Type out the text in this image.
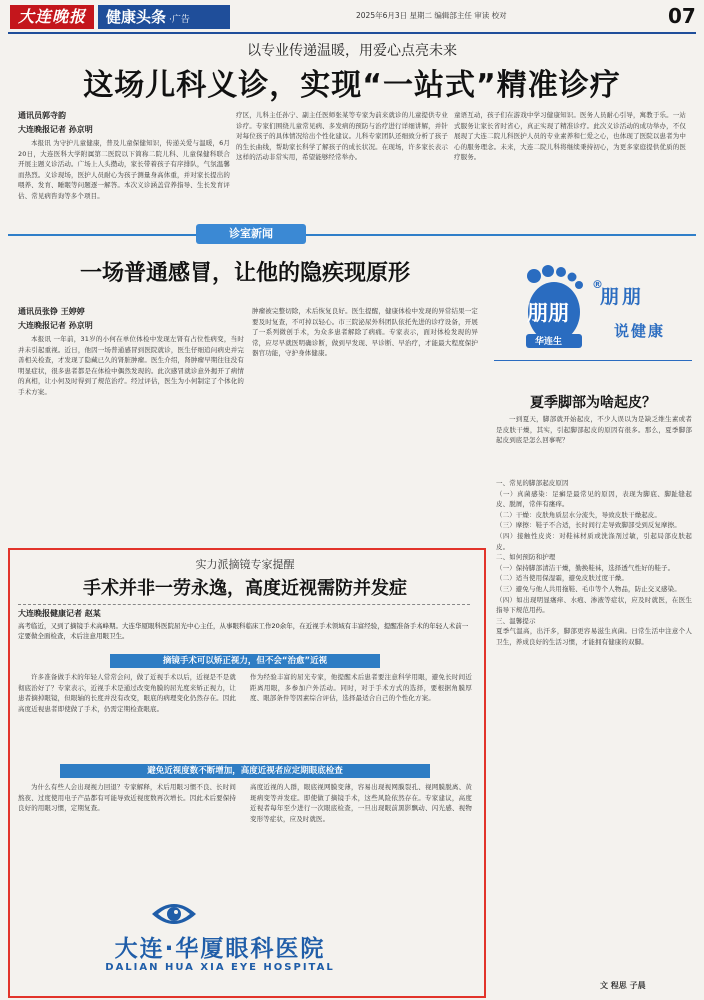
大连晚报	健康头条 ·广告	2025年6月3日 星期二 编辑部主任 审读 校对	07
以专业传递温暖，用爱心点亮未来
这场儿科义诊，实现“一站式”精准诊疗
通讯员郭寺韵
大连晚报记者 孙京明
本报讯 为守护儿童健康，普及儿童保健知识，传递关爱与温暖，6月20日，大连医科大学附属第二医院以下简称二院儿科、儿童保健科联合开展主题义诊活动。广场上人头攒动，家长带着孩子有序排队，气氛温馨而热烈。义诊现场，医护人员耐心为孩子测量身高体重，并对家长提出的喂养、发育、睡眠等问题逐一解答。本次义诊涵盖营养指导、生长发育评估、常见病咨询等多个项目。
疗区，儿科主任孙宁、副主任医师张某等专家为前来就诊的儿童提供专业诊疗。专家们围绕儿童常见病、多发病的预防与治疗进行详细讲解，并针对每位孩子的具体情况给出个性化建议。儿科专家团队还细致分析了孩子的生长曲线，帮助家长科学了解孩子的成长状况。在现场，许多家长表示这样的活动非常实用，希望能够经常举办。
童语互动，孩子们在游戏中学习健康知识。医务人员耐心引导，寓教于乐。一站式服务让家长省时省心，真正实现了精准诊疗。此次义诊活动的成功举办，不仅展现了大连二院儿科医护人员的专业素养和仁爱之心，也体现了医院以患者为中心的服务理念。未来，大连二院儿科将继续秉持初心，为更多家庭提供优质的医疗服务。
诊室新闻
一场普通感冒，让他的隐疾现原形
通讯员张铮 王婷婷
大连晚报记者 孙京明
本报讯 一年前，31岁的小何在单位体检中发现左肾有占位性病变，当时并未引起重视。近日，他因一场普通感冒到医院就诊，医生仔细追问病史并完善相关检查，才发现了隐藏已久的肾脏肿瘤。医生介绍，肾肿瘤早期往往没有明显症状，很多患者都是在体检中偶然发现的。此次感冒就诊意外揭开了病情的真相，让小何及时得到了规范治疗。经过评估，医生为小何制定了个体化的手术方案。
肿瘤被完整切除，术后恢复良好。医生提醒，健康体检中发现的异常结果一定要及时复查，不可掉以轻心。市三院泌尿外科团队依托先进的诊疗设备，开展了一系列微创手术，为众多患者解除了病痛。专家表示，面对体检发现的异常，应尽早就医明确诊断，做到早发现、早诊断、早治疗，才能最大程度保护器官功能，守护身体健康。
实力派摘镜专家提醒
手术并非一劳永逸，高度近视需防并发症
大连晚报健康记者 赵某
高考临近，又到了摘镜手术高峰期。大连华厦眼科医院屈光中心主任，从事眼科临床工作20余年，在近视手术领域有丰富经验，提醒准备手术的年轻人术前一定要做全面检查，术后注意用眼卫生。
摘镜手术可以矫正视力，但不会“治愈”近视
许多准备做手术的年轻人常常会问，做了近视手术以后，近视是不是就彻底治好了？专家表示，近视手术是通过改变角膜的屈光度来矫正视力，让患者摘掉眼镜，但眼轴的长度并没有改变，眼底的病理变化仍然存在。因此高度近视患者即使做了手术，仍需定期检查眼底。
作为经验丰富的屈光专家，他提醒术后患者要注意科学用眼，避免长时间近距离用眼，多参加户外活动。同时，对于手术方式的选择，要根据角膜厚度、眼部条件等因素综合评估，选择最适合自己的个性化方案。
避免近视度数不断增加，高度近视者应定期眼底检查
为什么有些人会出现视力回退？专家解释，术后用眼习惯不良、长时间熬夜、过度使用电子产品都有可能导致近视度数再次增长。因此术后要保持良好的用眼习惯，定期复查。
高度近视的人群，眼底视网膜变薄，容易出现视网膜裂孔、视网膜脱离、黄斑病变等并发症。即使做了摘镜手术，这些风险依然存在。专家建议，高度近视者每年至少进行一次眼底检查，一旦出现眼前黑影飘动、闪光感、视物变形等症状，应及时就医。
大连·华厦眼科医院
DALIAN HUA XIA EYE HOSPITAL
朋朋
华连生
®
朋朋
说健康
夏季脚部为啥起皮？
一到夏天，脚部就开始起皮，不少人误以为是缺乏维生素或者是皮肤干燥，其实，引起脚部起皮的原因有很多。那么，夏季脚部起皮到底是怎么回事呢？
一、常见的脚部起皮原因
（一）真菌感染：足癣是最常见的原因，表现为脚底、脚趾缝起皮、脱屑，常伴有瘙痒。
（二）干燥：皮肤角质层水分流失，导致皮肤干燥起皮。
（三）摩擦：鞋子不合适，长时间行走导致脚部受到反复摩擦。
（四）接触性皮炎：对鞋袜材质或洗涤剂过敏，引起局部皮肤起皮。
二、如何预防和护理
（一）保持脚部清洁干燥，勤换鞋袜，选择透气性好的鞋子。
（二）适当使用保湿霜，避免皮肤过度干燥。
（三）避免与他人共用拖鞋、毛巾等个人物品，防止交叉感染。
（四）如出现明显瘙痒、水疱、渗液等症状，应及时就医，在医生指导下规范用药。
三、温馨提示
夏季气温高，出汗多，脚部更容易滋生真菌。日常生活中注意个人卫生，养成良好的生活习惯，才能拥有健康的双脚。
文 程思 子晨
